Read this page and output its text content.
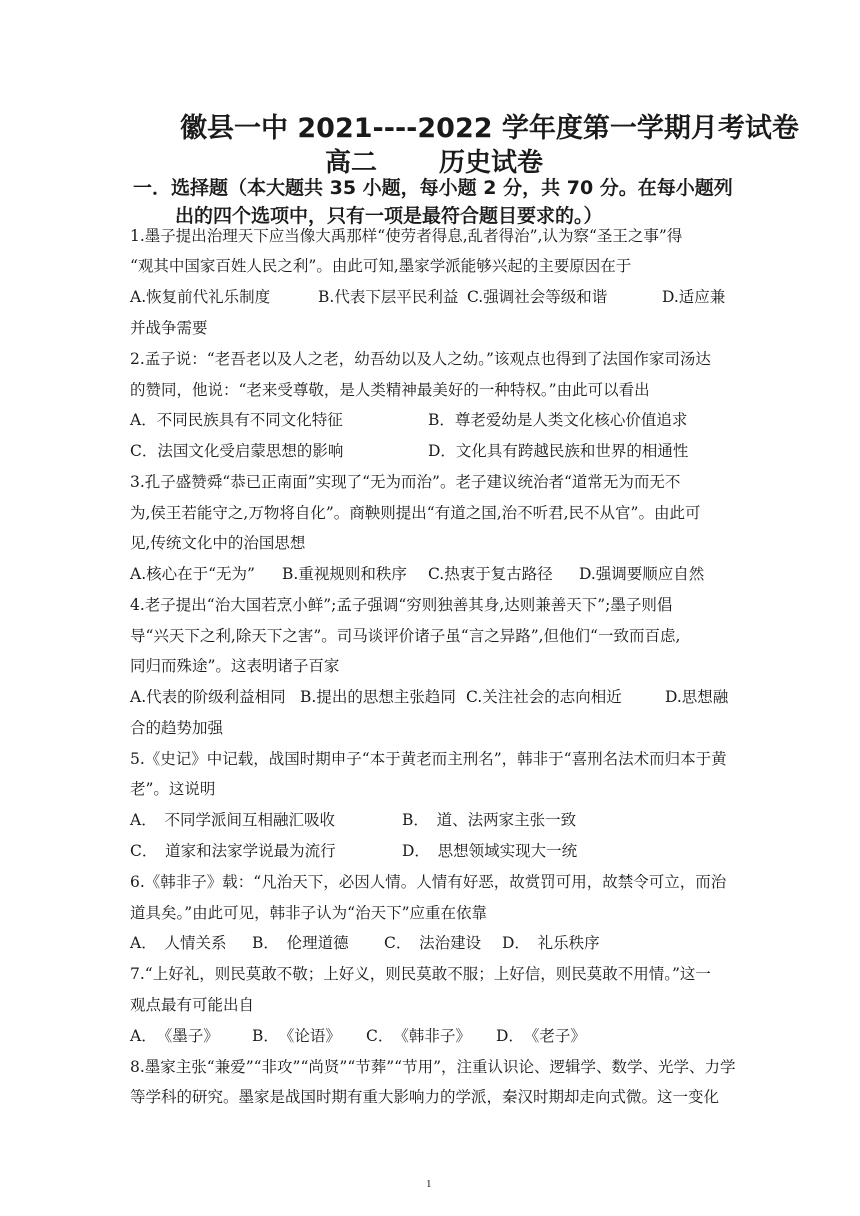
徽县一中 2021----2022 学年度第一学期月考试卷
高二 历史试卷
一．选择题（本大题共 35 小题，每小题 2 分，共 70 分。在每小题列
出的四个选项中，只有一项是最符合题目要求的。）
1.墨子提出治理天下应当像大禹那样“使劳者得息,乱者得治”,认为察“圣王之事”得
“观其中国家百姓人民之利”。由此可知,墨家学派能够兴起的主要原因在于
A.恢复前代礼乐制度	B.代表下层平民利益 C.强调社会等级和谐	D.适应兼
并战争需要
2.孟子说：“老吾老以及人之老，幼吾幼以及人之幼。”该观点也得到了法国作家司汤达
的赞同，他说：“老来受尊敬，是人类精神最美好的一种特权。”由此可以看出
A．不同民族具有不同文化特征	B．尊老爱幼是人类文化核心价值追求
C．法国文化受启蒙思想的影响	D．文化具有跨越民族和世界的相通性
3.孔子盛赞舜“恭已正南面”实现了“无为而治”。老子建议统治者“道常无为而无不
为,侯王若能守之,万物将自化”。商鞅则提出“有道之国,治不听君,民不从官”。由此可
见,传统文化中的治国思想
A.核心在于“无为” B.重视规则和秩序 C.热衷于复古路径 D.强调要顺应自然
4.老子提出“治大国若烹小鲜”;孟子强调“穷则独善其身,达则兼善天下”;墨子则倡
导“兴天下之利,除天下之害”。司马谈评价诸子虽“言之异路”,但他们“一致而百虑,
同归而殊途”。这表明诸子百家
A.代表的阶级利益相同 B.提出的思想主张趋同 C.关注社会的志向相近	D.思想融
合的趋势加强
5.《史记》中记载，战国时期申子“本于黄老而主刑名”，韩非于“喜刑名法术而归本于黄
老”。这说明
A．　不同学派间互相融汇吸收	B．　道、法两家主张一致
C．　道家和法家学说最为流行	D．　思想领域实现大一统
6.《韩非子》载：“凡治天下，必因人情。人情有好恶，故赏罚可用，故禁令可立，而治
道具矣。”由此可见，韩非子认为“治天下”应重在依靠
A．　人情关系 B．　伦理道德 C．　法治建设 D．　礼乐秩序
7.“上好礼，则民莫敢不敬；上好义，则民莫敢不服；上好信，则民莫敢不用情。”这一
观点最有可能出自
A．　《墨子》 B．　《论语》 C．　《韩非子》 D．　《老子》
8.墨家主张“兼爱”“非攻”“尚贤”“节葬”“节用”，注重认识论、逻辑学、数学、光学、力学
等学科的研究。墨家是战国时期有重大影响力的学派，秦汉时期却走向式微。这一变化
1
